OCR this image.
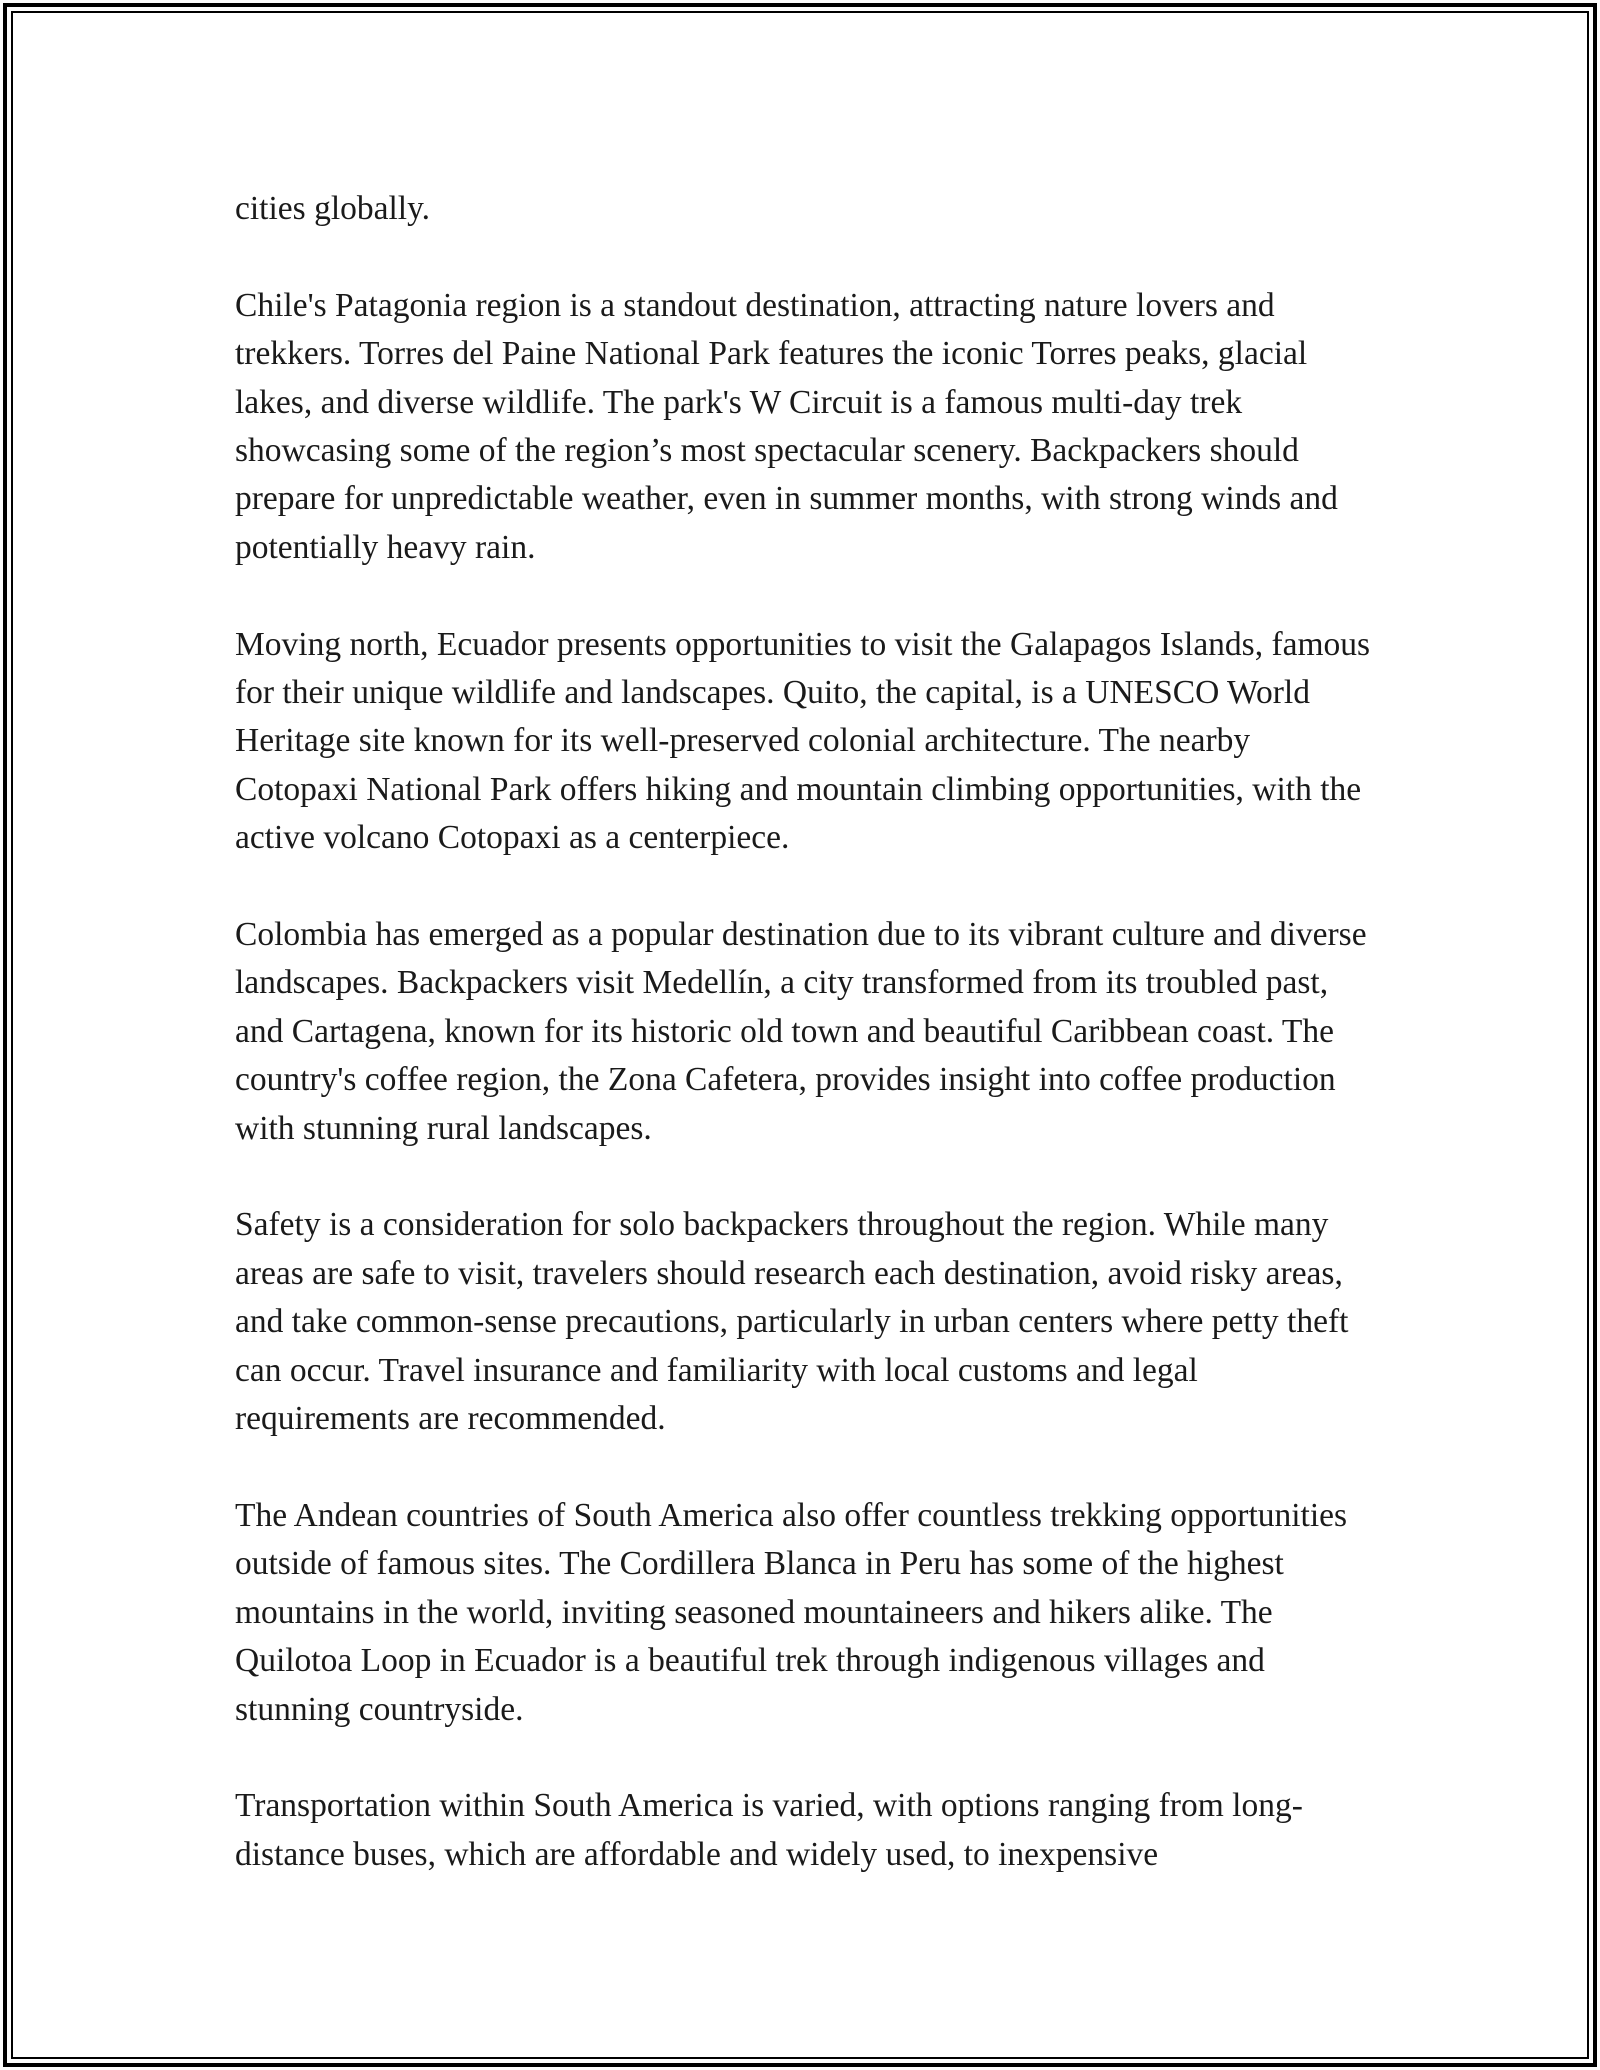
cities globally.

Chile's Patagonia region is a standout destination, attracting nature lovers and trekkers. Torres del Paine National Park features the iconic Torres peaks, glacial lakes, and diverse wildlife. The park's W Circuit is a famous multi-day trek showcasing some of the region’s most spectacular scenery. Backpackers should prepare for unpredictable weather, even in summer months, with strong winds and potentially heavy rain.

Moving north, Ecuador presents opportunities to visit the Galapagos Islands, famous for their unique wildlife and landscapes. Quito, the capital, is a UNESCO World Heritage site known for its well-preserved colonial architecture. The nearby Cotopaxi National Park offers hiking and mountain climbing opportunities, with the active volcano Cotopaxi as a centerpiece.

Colombia has emerged as a popular destination due to its vibrant culture and diverse landscapes. Backpackers visit Medellín, a city transformed from its troubled past, and Cartagena, known for its historic old town and beautiful Caribbean coast. The country's coffee region, the Zona Cafetera, provides insight into coffee production with stunning rural landscapes.

Safety is a consideration for solo backpackers throughout the region. While many areas are safe to visit, travelers should research each destination, avoid risky areas, and take common-sense precautions, particularly in urban centers where petty theft can occur. Travel insurance and familiarity with local customs and legal requirements are recommended.

The Andean countries of South America also offer countless trekking opportunities outside of famous sites. The Cordillera Blanca in Peru has some of the highest mountains in the world, inviting seasoned mountaineers and hikers alike. The Quilotoa Loop in Ecuador is a beautiful trek through indigenous villages and stunning countryside.

Transportation within South America is varied, with options ranging from long-distance buses, which are affordable and widely used, to inexpensive
